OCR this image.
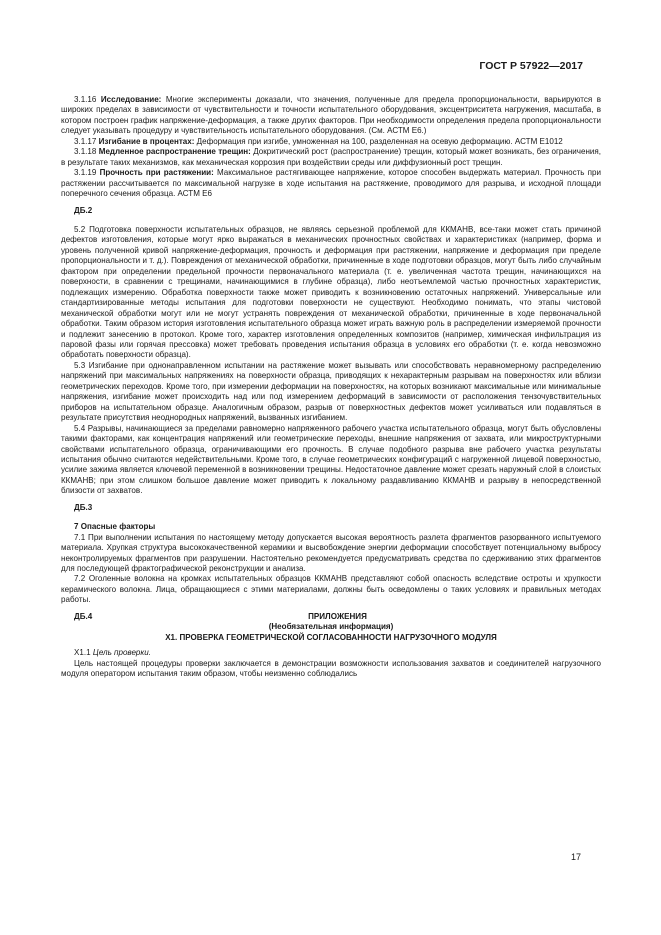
ГОСТ Р 57922—2017

3.1.16 Исследование: Многие эксперименты доказали, что значения, полученные для предела пропорциональности, варьируются в широких пределах в зависимости от чувствительности и точности испытательного оборудования, эксцентриситета нагружения, масштаба, в котором построен график напряжение-деформация, а также других факторов. При необходимости определения предела пропорциональности следует указывать процедуру и чувствительность испытательного оборудования. (См. АСТМ Е6.)

3.1.17 Изгибание в процентах: Деформация при изгибе, умноженная на 100, разделенная на осевую деформацию. АСТМ Е1012

3.1.18 Медленное распространение трещин: Докритический рост (распространение) трещин, который может возникать, без ограничения, в результате таких механизмов, как механическая коррозия при воздействии среды или диффузионный рост трещин.

3.1.19 Прочность при растяжении: Максимальное растягивающее напряжение, которое способен выдержать материал. Прочность при растяжении рассчитывается по максимальной нагрузке в ходе испытания на растяжение, проводимого для разрыва, и исходной площади поперечного сечения образца. АСТМ Е6

ДБ.2

5.2 Подготовка поверхности испытательных образцов, не являясь серьезной проблемой для ККМАНВ, все-таки может стать причиной дефектов изготовления, которые могут ярко выражаться в механических прочностных свойствах и характеристиках (например, форма и уровень полученной кривой напряжение-деформация, прочность и деформация при растяжении, напряжение и деформация при пределе пропорциональности и т. д.). Повреждения от механической обработки, причиненные в ходе подготовки образцов, могут быть либо случайным фактором при определении предельной прочности первоначального материала (т. е. увеличенная частота трещин, начинающихся на поверхности, в сравнении с трещинами, начинающимися в глубине образца), либо неотъемлемой частью прочностных характеристик, подлежащих измерению. Обработка поверхности также может приводить к возникновению остаточных напряжений. Универсальные или стандартизированные методы испытания для подготовки поверхности не существуют. Необходимо понимать, что этапы чистовой механической обработки могут или не могут устранять повреждения от механической обработки, причиненные в ходе первоначальной обработки. Таким образом история изготовления испытательного образца может играть важную роль в распределении измеряемой прочности и подлежит занесению в протокол. Кроме того, характер изготовления определенных композитов (например, химическая инфильтрация из паровой фазы или горячая прессовка) может требовать проведения испытания образца в условиях его обработки (т. е. когда невозможно обработать поверхности образца).

5.3 Изгибание при однонаправленном испытании на растяжение может вызывать или способствовать неравномерному распределению напряжений при максимальных напряжениях на поверхности образца, приводящих к нехарактерным разрывам на поверхностях или вблизи геометрических переходов. Кроме того, при измерении деформации на поверхностях, на которых возникают максимальные или минимальные напряжения, изгибание может происходить над или под измерением деформаций в зависимости от расположения тензочувствительных приборов на испытательном образце. Аналогичным образом, разрыв от поверхностных дефектов может усиливаться или подавляться в результате присутствия неоднородных напряжений, вызванных изгибанием.

5.4 Разрывы, начинающиеся за пределами равномерно напряженного рабочего участка испытательного образца, могут быть обусловлены такими факторами, как концентрация напряжений или геометрические переходы, внешние напряжения от захвата, или микроструктурными свойствами испытательного образца, ограничивающими его прочность. В случае подобного разрыва вне рабочего участка результаты испытания обычно считаются недействительными. Кроме того, в случае геометрических конфигураций с нагруженной лицевой поверхностью, усилие зажима является ключевой переменной в возникновении трещины. Недостаточное давление может срезать наружный слой в слоистых ККМАНВ; при этом слишком большое давление может приводить к локальному раздавливанию ККМАНВ и разрыву в непосредственной близости от захватов.

ДБ.3
7 Опасные факторы

7.1 При выполнении испытания по настоящему методу допускается высокая вероятность разлета фрагментов разорванного испытуемого материала. Хрупкая структура высококачественной керамики и высвобождение энергии деформации способствует потенциальному выбросу неконтролируемых фрагментов при разрушении. Настоятельно рекомендуется предусматривать средства по сдерживанию этих фрагментов для последующей фрактографической реконструкции и анализа.

7.2 Оголенные волокна на кромках испытательных образцов ККМАНВ представляют собой опасность вследствие остроты и хрупкости керамического волокна. Лица, обращающиеся с этими материалами, должны быть осведомлены о таких условиях и правильных методах работы.

ДБ.4	ПРИЛОЖЕНИЯ
(Необязательная информация)
Х1. ПРОВЕРКА ГЕОМЕТРИЧЕСКОЙ СОГЛАСОВАННОСТИ НАГРУЗОЧНОГО МОДУЛЯ

Х1.1 Цель проверки.

Цель настоящей процедуры проверки заключается в демонстрации возможности использования захватов и соединителей нагрузочного модуля оператором испытания таким образом, чтобы неизменно соблюдались

17
